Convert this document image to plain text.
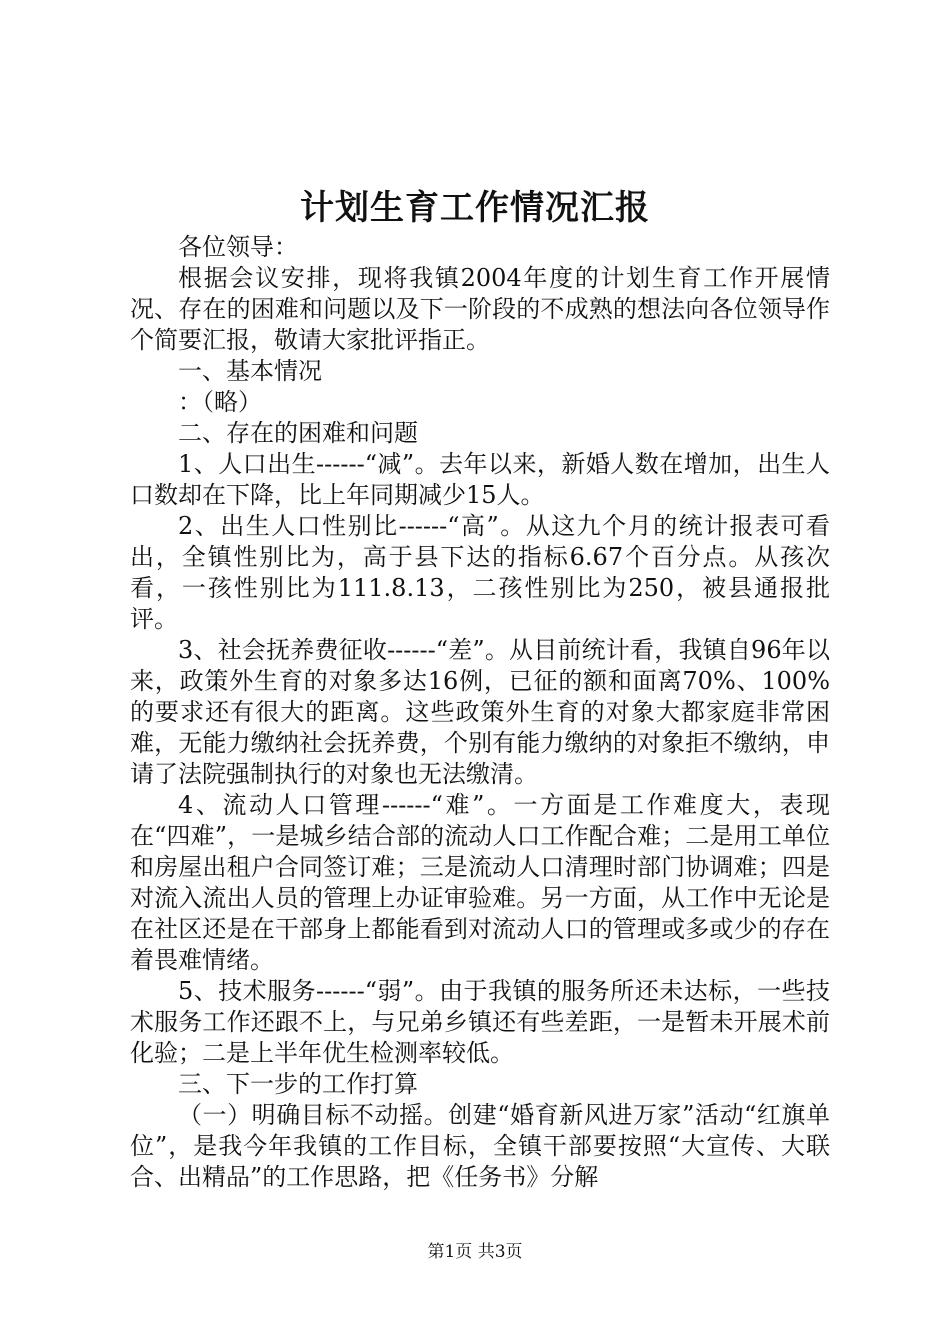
计划生育工作情况汇报

各位领导：

根据会议安排，现将我镇2004年度的计划生育工作开展情况、存在的困难和问题以及下一阶段的不成熟的想法向各位领导作个简要汇报，敬请大家批评指正。

一、基本情况

：（略）

二、存在的困难和问题

1、人口出生------“减”。去年以来，新婚人数在增加，出生人口数却在下降，比上年同期减少15人。

2、出生人口性别比------“高”。从这九个月的统计报表可看出，全镇性别比为，高于县下达的指标6.67个百分点。从孩次看，一孩性别比为111.8.13，二孩性别比为250，被县通报批评。

3、社会抚养费征收------“差”。从目前统计看，我镇自96年以来，政策外生育的对象多达16例，已征的额和面离70%、100%的要求还有很大的距离。这些政策外生育的对象大都家庭非常困难，无能力缴纳社会抚养费，个别有能力缴纳的对象拒不缴纳，申请了法院强制执行的对象也无法缴清。

4、流动人口管理------“难”。一方面是工作难度大，表现在“四难”，一是城乡结合部的流动人口工作配合难；二是用工单位和房屋出租户合同签订难；三是流动人口清理时部门协调难；四是对流入流出人员的管理上办证审验难。另一方面，从工作中无论是在社区还是在干部身上都能看到对流动人口的管理或多或少的存在着畏难情绪。

5、技术服务------“弱”。由于我镇的服务所还未达标，一些技术服务工作还跟不上，与兄弟乡镇还有些差距，一是暂未开展术前化验；二是上半年优生检测率较低。

三、下一步的工作打算

（一）明确目标不动摇。创建“婚育新风进万家”活动“红旗单位”，是我今年我镇的工作目标，全镇干部要按照“大宣传、大联合、出精品”的工作思路，把《任务书》分解

第1页 共3页
